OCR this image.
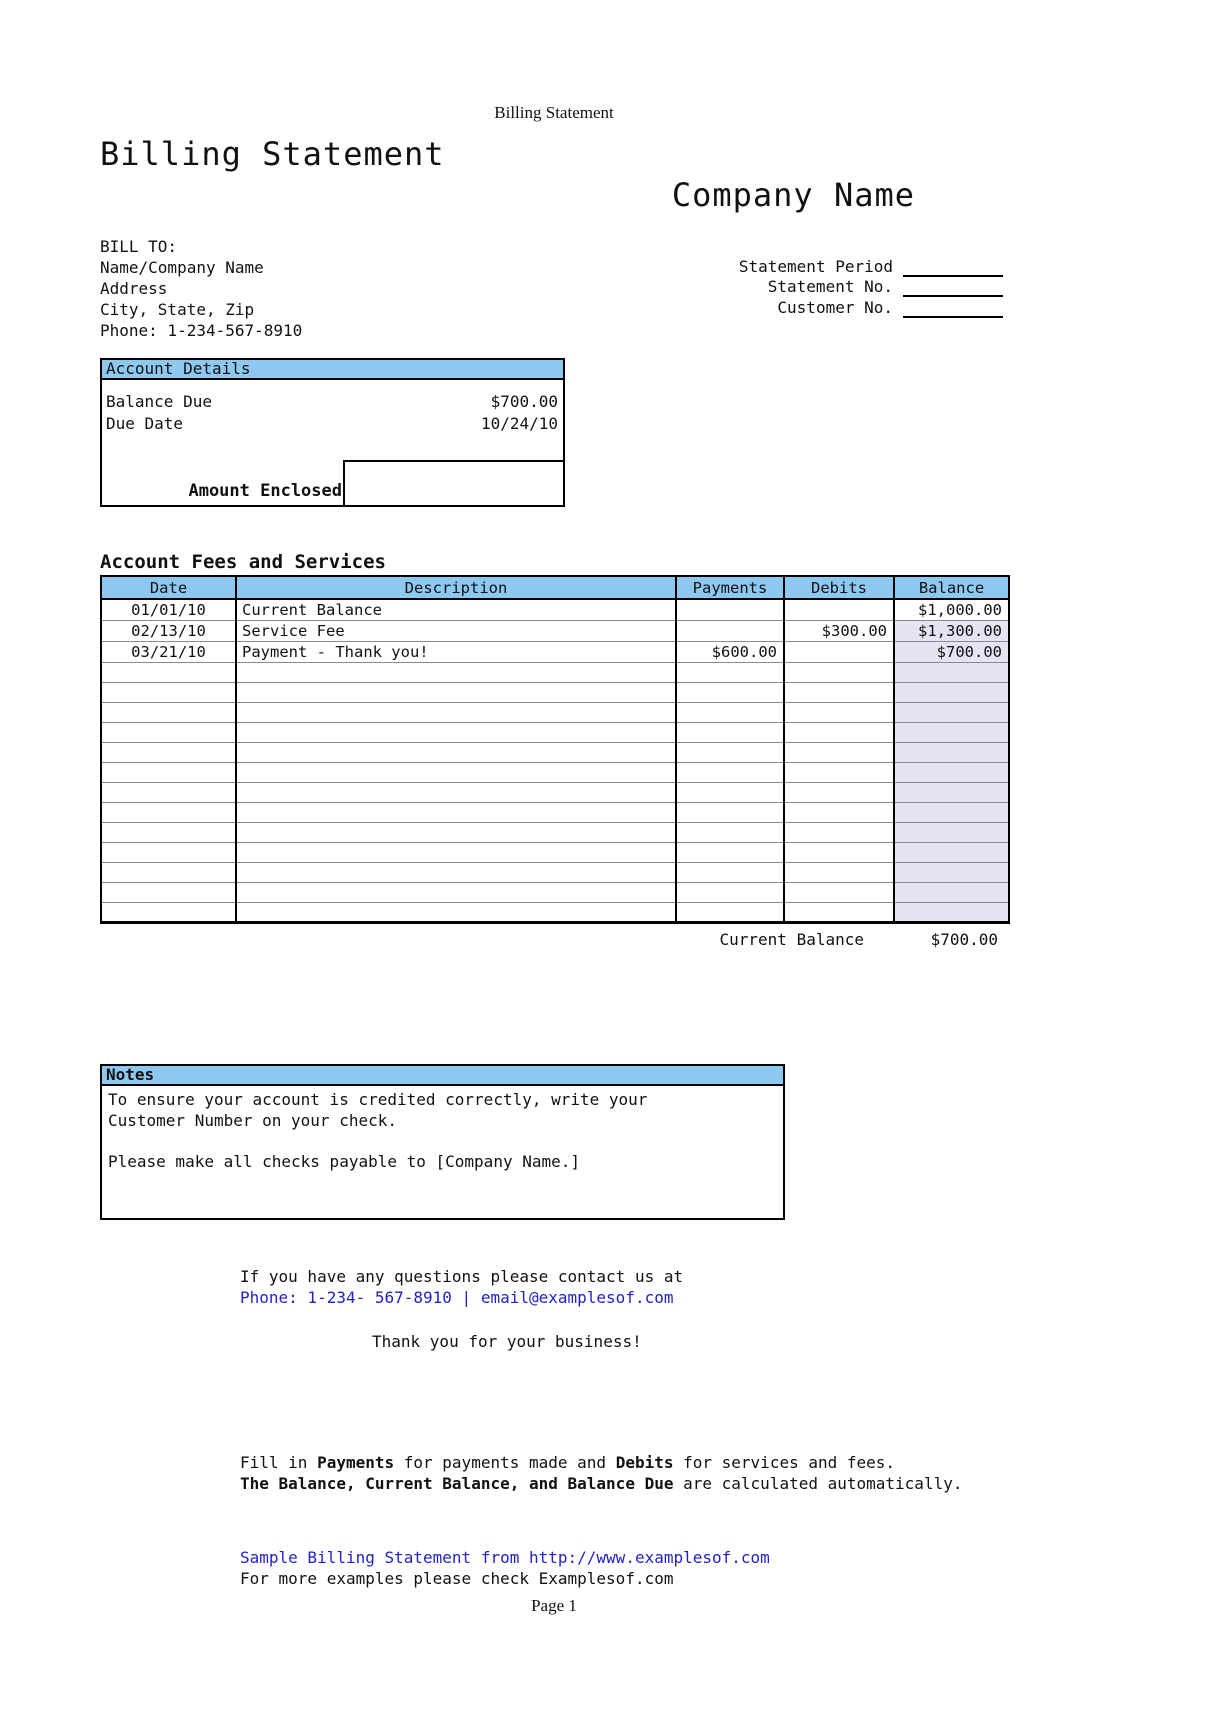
Billing Statement
Billing Statement
Company Name
BILL TO:
Name/Company Name
Address
City, State, Zip
Phone: 1-234-567-8910
Statement Period
Statement No.
Customer No.
Account Details
Balance Due	$700.00
Due Date	10/24/10
Amount Enclosed
Account Fees and Services
Date	Description	Payments	Debits	Balance
01/01/10	Current Balance			$1,000.00
02/13/10	Service Fee		$300.00	$1,300.00
03/21/10	Payment - Thank you!	$600.00		$700.00

Current Balance	$700.00
Notes
To ensure your account is credited correctly, write your
Customer Number on your check.
Please make all checks payable to [Company Name.]
If you have any questions please contact us at
Phone: 1-234- 567-8910 | email@examplesof.com
Thank you for your business!
Fill in Payments for payments made and Debits for services and fees.
The Balance, Current Balance, and Balance Due are calculated automatically.
Sample Billing Statement from http://www.examplesof.com
For more examples please check Examplesof.com
Page 1
